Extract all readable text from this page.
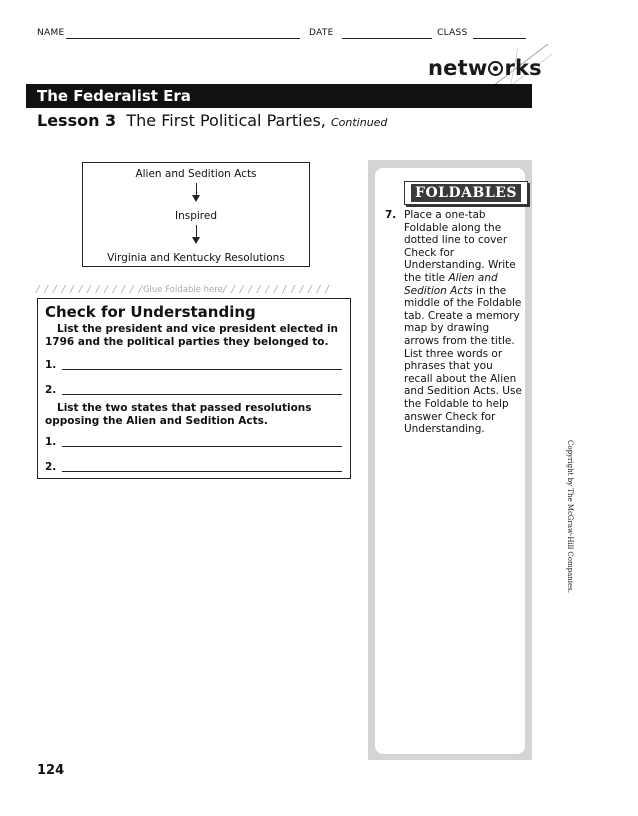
NAME	DATE	CLASS
netw rks
The Federalist Era
Lesson 3 The First Political Parties, Continued
Alien and Sedition Acts
Inspired
Virginia and Kentucky Resolutions
/ / / / / / / / / / / / /Glue Foldable here/ / / / / / / / / / / / /
Check for Understanding
List the president and vice president elected in 1796 and the political parties they belonged to.
1.
2.
List the two states that passed resolutions opposing the Alien and Sedition Acts.
1.
2.
FOLDABLES
7. Place a one-tab Foldable along the dotted line to cover Check for Understanding. Write the title Alien and Sedition Acts in the middle of the Foldable tab. Create a memory map by drawing arrows from the title. List three words or phrases that you recall about the Alien and Sedition Acts. Use the Foldable to help answer Check for Understanding.
Copyright by The McGraw-Hill Companies.
124
